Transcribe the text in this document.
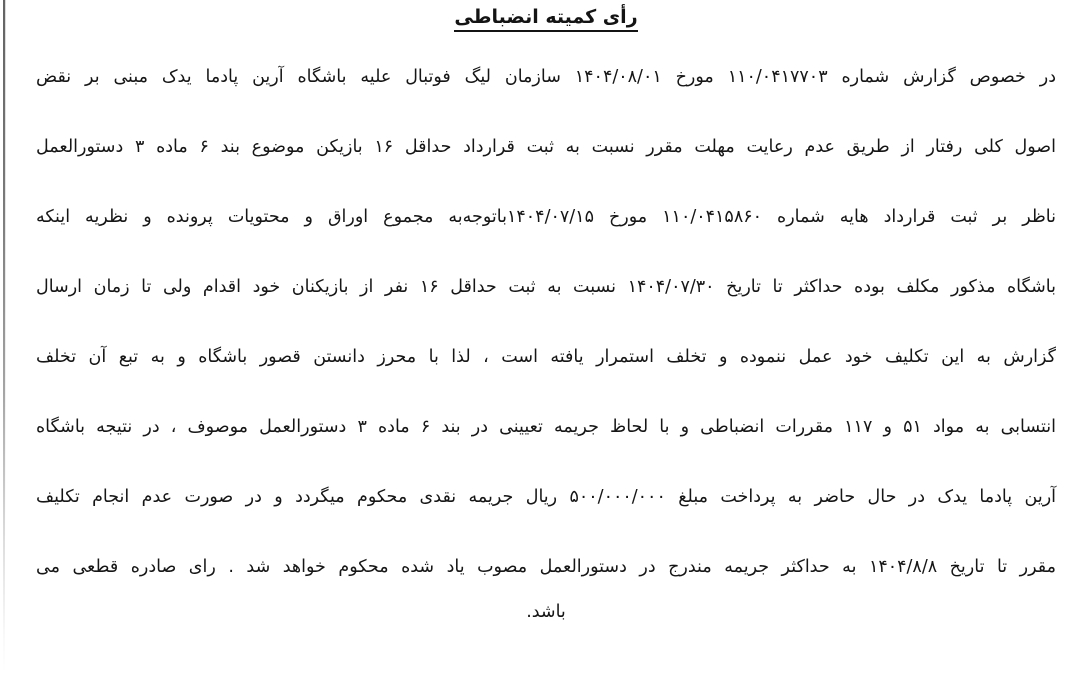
رأی کمیته انضباطی

در خصوص گزارش شماره ۱۱۰/۰۴۱۷۷۰۳ مورخ ۱۴۰۴/۰۸/۰۱ سازمان لیگ فوتبال علیه باشگاه آرین پادما یدک مبنی بر نقض

اصول کلی رفتار از طریق عدم رعایت مهلت مقرر نسبت به ثبت قرارداد حداقل ۱۶ بازیکن موضوع بند ۶ ماده ۳ دستورالعمل

ناظر بر ثبت قرارداد هایه شماره ۱۱۰/۰۴۱۵۸۶۰ مورخ ۱۴۰۴/۰۷/۱۵باتوجه‌به مجموع اوراق و محتویات پرونده و نظریه اینکه

باشگاه مذکور مکلف بوده حداکثر تا تاریخ ۱۴۰۴/۰۷/۳۰ نسبت به ثبت حداقل ۱۶ نفر از بازیکنان خود اقدام ولی تا زمان ارسال

گزارش به این تکلیف خود عمل ننموده و تخلف استمرار یافته است ، لذا با محرز دانستن قصور باشگاه و به تبع آن تخلف

انتسابی به مواد ۵۱ و ۱۱۷ مقررات انضباطی و با لحاظ جریمه تعیینی در بند ۶ ماده ۳ دستورالعمل موصوف ، در نتیجه باشگاه

آرین پادما یدک در حال حاضر به پرداخت مبلغ ۵۰۰/۰۰۰/۰۰۰ ریال جریمه نقدی محکوم میگردد و در صورت عدم انجام تکلیف

مقرر تا تاریخ ۱۴۰۴/۸/۸ به حداکثر جریمه مندرج در دستورالعمل مصوب یاد شده محکوم خواهد شد . رای صادره قطعی می

باشد.
